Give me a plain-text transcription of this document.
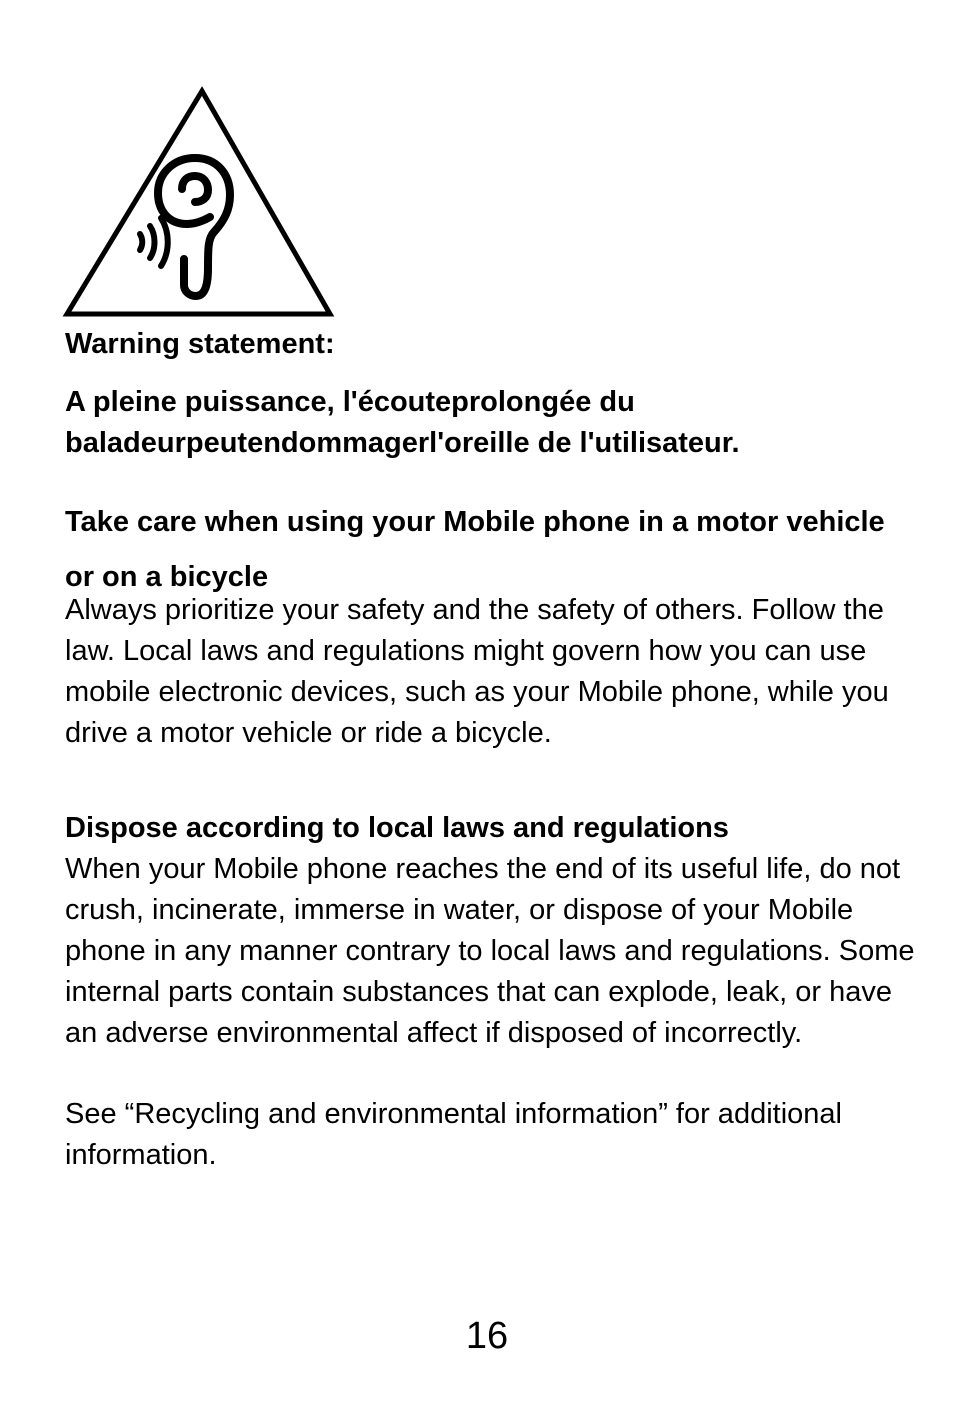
Warning statement:

A pleine puissance, l'écouteprolongée du baladeurpeutendommagerl'oreille de l'utilisateur.

Take care when using your Mobile phone in a motor vehicle or on a bicycle

Always prioritize your safety and the safety of others. Follow the law. Local laws and regulations might govern how you can use mobile electronic devices, such as your Mobile phone, while you drive a motor vehicle or ride a bicycle.

Dispose according to local laws and regulations

When your Mobile phone reaches the end of its useful life, do not crush, incinerate, immerse in water, or dispose of your Mobile phone in any manner contrary to local laws and regulations. Some internal parts contain substances that can explode, leak, or have an adverse environmental affect if disposed of incorrectly.

See “Recycling and environmental information” for additional information.

16
